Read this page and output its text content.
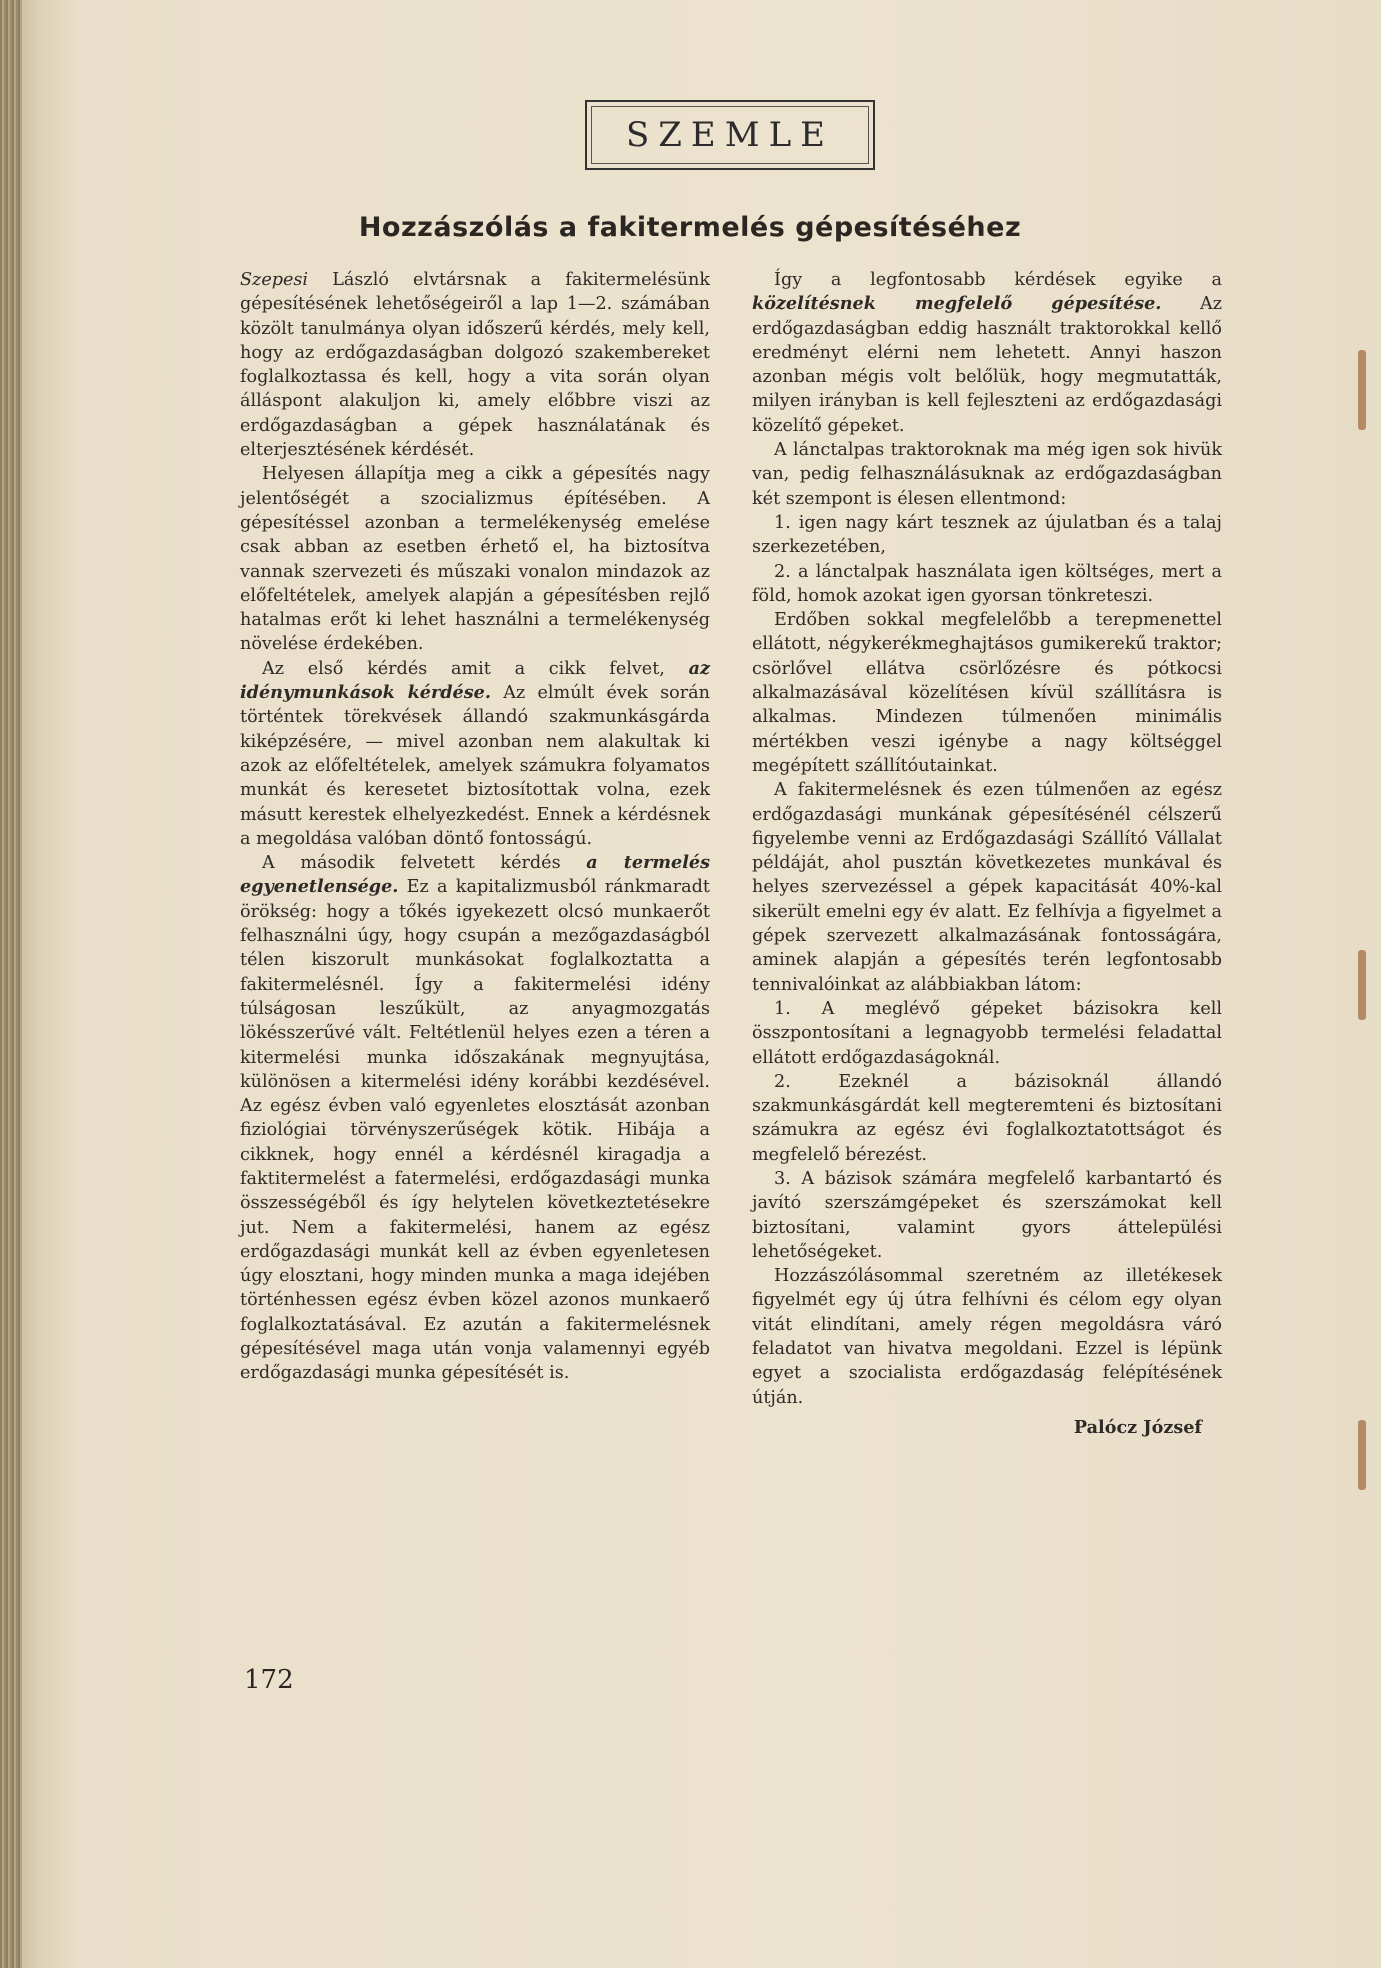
SZEMLE
Hozzászólás a fakitermelés gépesítéséhez

Szepesi László elvtársnak a fakitermelésünk gépesítésének lehetőségeiről a lap 1—2. számában közölt tanulmánya olyan időszerű kérdés, mely kell, hogy az erdőgazdaságban dolgozó szakembereket foglalkoztassa és kell, hogy a vita során olyan álláspont alakuljon ki, amely előbbre viszi az erdőgazdaságban a gépek használatának és elterjesztésének kérdését.

Helyesen állapítja meg a cikk a gépesítés nagy jelentőségét a szocializmus építésében. A gépesítéssel azonban a termelékenység emelése csak abban az esetben érhető el, ha biztosítva vannak szervezeti és műszaki vonalon mindazok az előfeltételek, amelyek alapján a gépesítésben rejlő hatalmas erőt ki lehet használni a termelékenység növelése érdekében.

Az első kérdés amit a cikk felvet, az idénymunkások kérdése. Az elmúlt évek során történtek törekvések állandó szakmunkásgárda kiképzésére, — mivel azonban nem alakultak ki azok az előfeltételek, amelyek számukra folyamatos munkát és keresetet biztosítottak volna, ezek másutt kerestek elhelyezkedést. Ennek a kérdésnek a megoldása valóban döntő fontosságú.

A második felvetett kérdés a termelés egyenetlensége. Ez a kapitalizmusból ránkmaradt örökség: hogy a tőkés igyekezett olcsó munkaerőt felhasználni úgy, hogy csupán a mezőgazdaságból télen kiszorult munkásokat foglalkoztatta a fakitermelésnél. Így a fakitermelési idény túlságosan leszűkült, az anyagmozgatás lökésszerűvé vált. Feltétlenül helyes ezen a téren a kitermelési munka időszakának megnyujtása, különösen a kitermelési idény korábbi kezdésével. Az egész évben való egyenletes elosztását azonban fiziológiai törvényszerűségek kötik. Hibája a cikknek, hogy ennél a kérdésnél kiragadja a faktitermelést a fatermelési, erdőgazdasági munka összességéből és így helytelen következtetésekre jut. Nem a fakitermelési, hanem az egész erdőgazdasági munkát kell az évben egyenletesen úgy elosztani, hogy minden munka a maga idejében történhessen egész évben közel azonos munkaerő foglalkoztatásával. Ez azután a fakitermelésnek gépesítésével maga után vonja valamennyi egyéb erdőgazdasági munka gépesítését is.

Így a legfontosabb kérdések egyike a közelítésnek megfelelő gépesítése. Az erdőgazdaságban eddig használt traktorokkal kellő eredményt elérni nem lehetett. Annyi haszon azonban mégis volt belőlük, hogy megmutatták, milyen irányban is kell fejleszteni az erdőgazdasági közelítő gépeket.

A lánctalpas traktoroknak ma még igen sok hivük van, pedig felhasználásuknak az erdőgazdaságban két szempont is élesen ellentmond:

1. igen nagy kárt tesznek az újulatban és a talaj szerkezetében,

2. a lánctalpak használata igen költséges, mert a föld, homok azokat igen gyorsan tönkreteszi.

Erdőben sokkal megfelelőbb a terepmenettel ellátott, négykerékmeghajtásos gumikerekű traktor; csörlővel ellátva csörlőzésre és pótkocsi alkalmazásával közelítésen kívül szállításra is alkalmas. Mindezen túlmenően minimális mértékben veszi igénybe a nagy költséggel megépített szállítóutainkat.

A fakitermelésnek és ezen túlmenően az egész erdőgazdasági munkának gépesítésénél célszerű figyelembe venni az Erdőgazdasági Szállító Vállalat példáját, ahol pusztán következetes munkával és helyes szervezéssel a gépek kapacitását 40%-kal sikerült emelni egy év alatt. Ez felhívja a figyelmet a gépek szervezett alkalmazásának fontosságára, aminek alapján a gépesítés terén legfontosabb tennivalóinkat az alábbiakban látom:

1. A meglévő gépeket bázisokra kell összpontosítani a legnagyobb termelési feladattal ellátott erdőgazdaságoknál.

2. Ezeknél a bázisoknál állandó szakmunkásgárdát kell megteremteni és biztosítani számukra az egész évi foglalkoztatottságot és megfelelő bérezést.

3. A bázisok számára megfelelő karbantartó és javító szerszámgépeket és szerszámokat kell biztosítani, valamint gyors áttelepülési lehetőségeket.

Hozzászólásommal szeretném az illetékesek figyelmét egy új útra felhívni és célom egy olyan vitát elindítani, amely régen megoldásra váró feladatot van hivatva megoldani. Ezzel is lépünk egyet a szocialista erdőgazdaság felépítésének útján.

Palócz József
172
